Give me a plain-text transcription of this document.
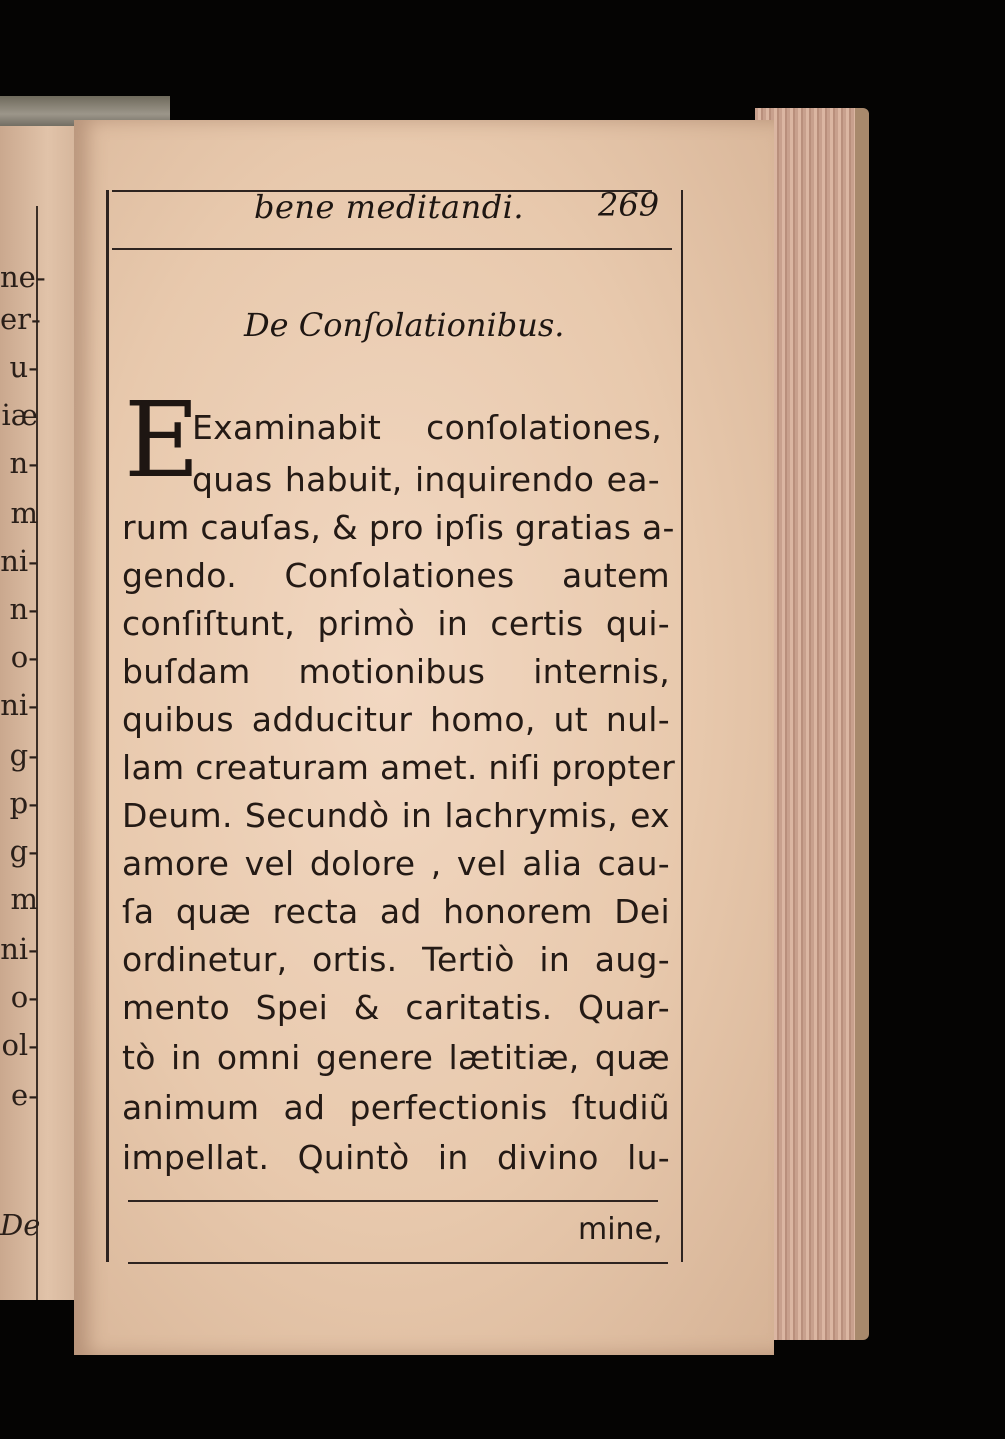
ne-
er-
u-
iæ
n-
m
ni-
n-
o-
ni-
g-
p-
g-
m
ni-
o-
ol-
e-
De
bene meditandi. 269
De Conſolationibus.
E
Examinabit conſolationes,
quas habuit, inquirendo ea-
rum cauſas, & pro ipſis gratias a-
gendo. Conſolationes autem
conſiſtunt, primò in certis qui-
buſdam motionibus internis,
quibus adducitur homo, ut nul-
lam creaturam amet. niſi propter
Deum. Secundò in lachrymis, ex
amore vel dolore , vel alia cau-
ſa quæ recta ad honorem Dei
ordinetur, ortis. Tertiò in aug-
mento Spei & caritatis. Quar-
tò in omni genere lætitiæ, quæ
animum ad perfectionis ſtudiũ
impellat. Quintò in divino lu-
mine,
